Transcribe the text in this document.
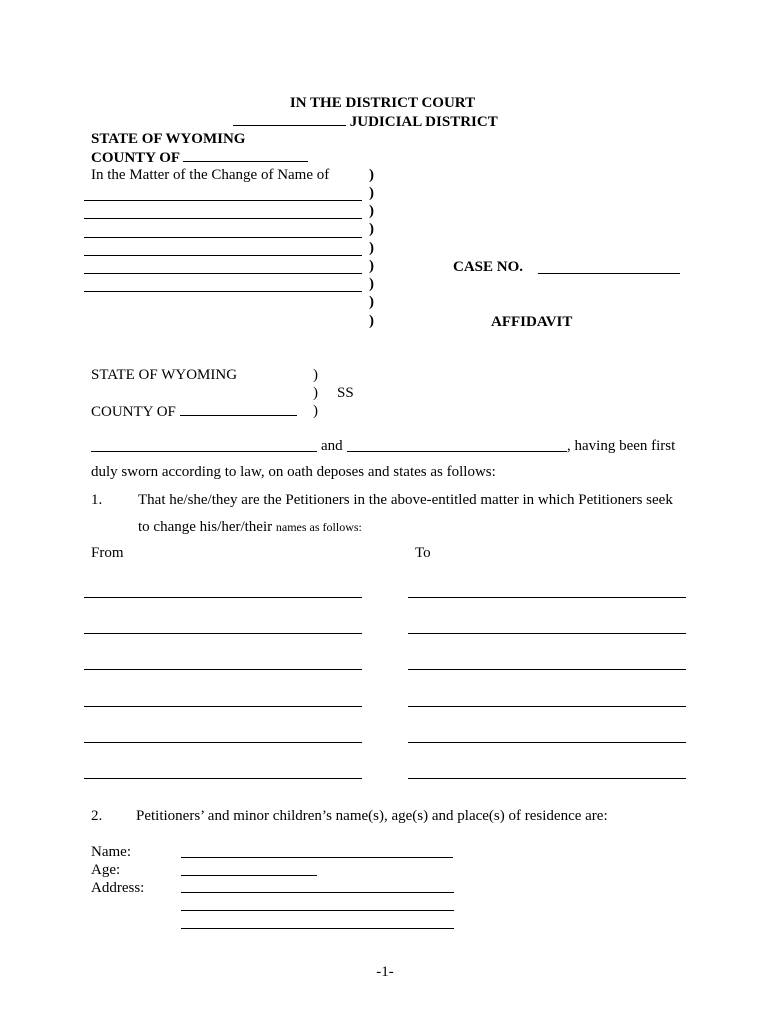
IN THE DISTRICT COURT
JUDICIAL DISTRICT
STATE OF WYOMING
COUNTY OF
In the Matter of the Change of Name of	)
)
)
)
)
)
)
)
)
CASE NO.
AFFIDAVIT
STATE OF WYOMING	)
) SS
COUNTY OF	)
and	, having been first
duly sworn according to law, on oath deposes and states as follows:
1. That he/she/they are the Petitioners in the above-entitled matter in which Petitioners seek
to change his/her/their names as follows:
From	To
2. Petitioners’ and minor children’s name(s), age(s) and place(s) of residence are:
Name:
Age:
Address:
-1-
